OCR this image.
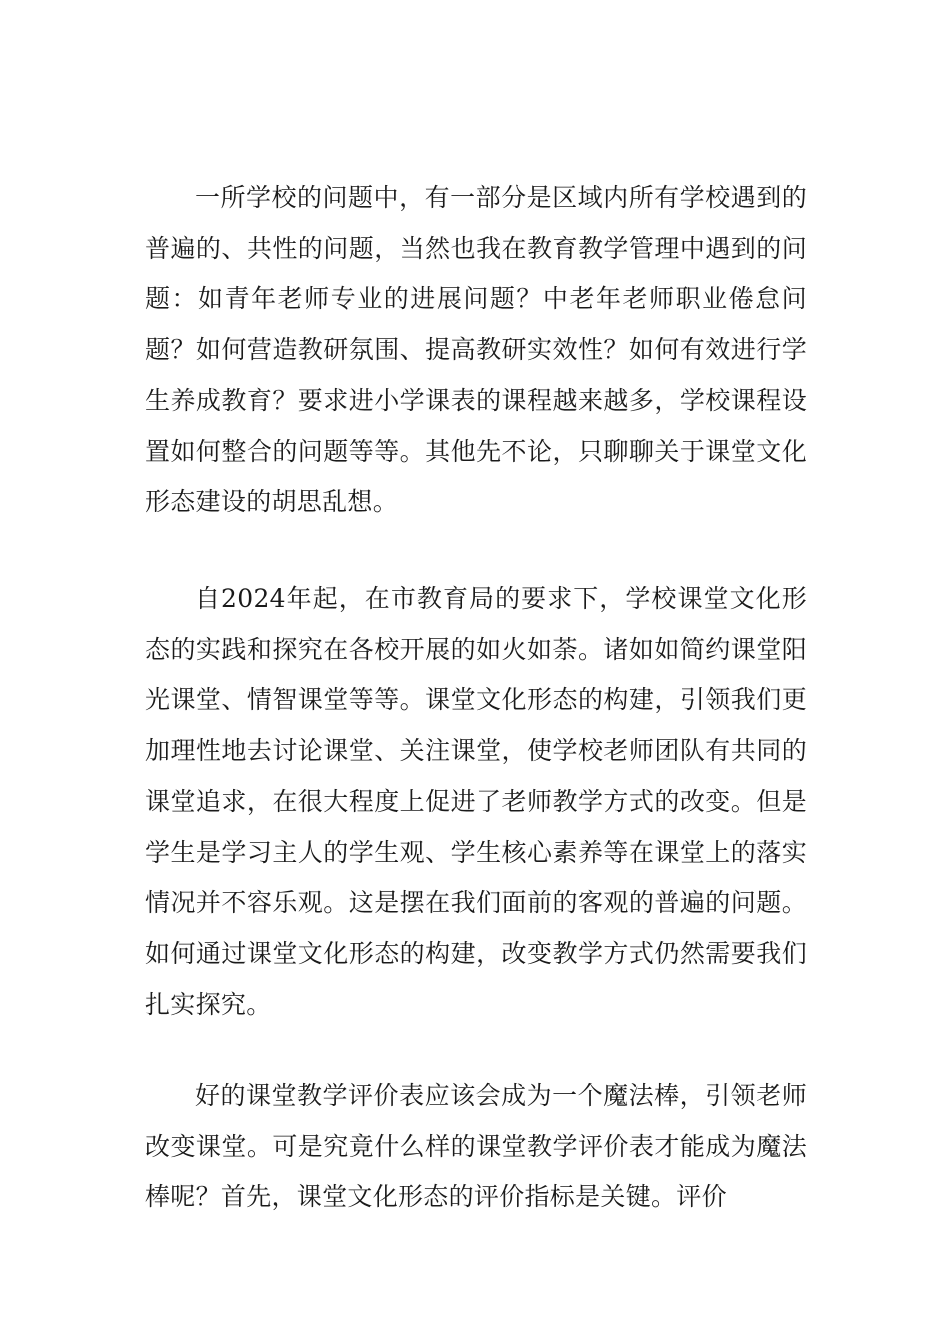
一所学校的问题中，有一部分是区域内所有学校遇到的普遍的、共性的问题，当然也我在教育教学管理中遇到的问题：如青年老师专业的进展问题？中老年老师职业倦怠问题？如何营造教研氛围、提高教研实效性？如何有效进行学生养成教育？要求进小学课表的课程越来越多，学校课程设置如何整合的问题等等。其他先不论，只聊聊关于课堂文化形态建设的胡思乱想。

自2024年起，在市教育局的要求下，学校课堂文化形态的实践和探究在各校开展的如火如荼。诸如如简约课堂阳光课堂、情智课堂等等。课堂文化形态的构建，引领我们更加理性地去讨论课堂、关注课堂，使学校老师团队有共同的课堂追求，在很大程度上促进了老师教学方式的改变。但是学生是学习主人的学生观、学生核心素养等在课堂上的落实情况并不容乐观。这是摆在我们面前的客观的普遍的问题。如何通过课堂文化形态的构建，改变教学方式仍然需要我们扎实探究。

好的课堂教学评价表应该会成为一个魔法棒，引领老师改变课堂。可是究竟什么样的课堂教学评价表才能成为魔法棒呢？首先，课堂文化形态的评价指标是关键。评价
